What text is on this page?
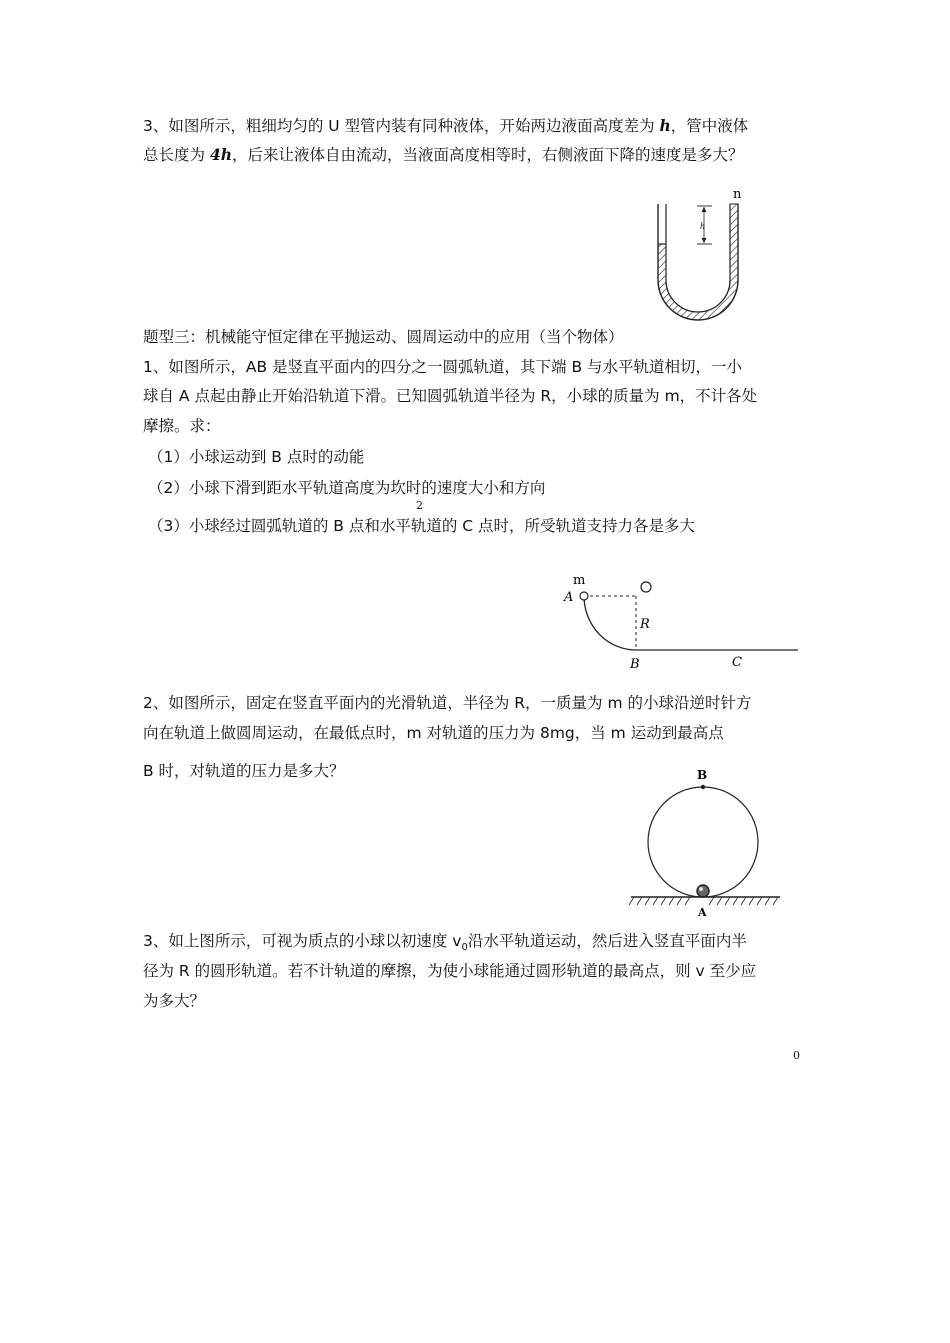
3、如图所示，粗细均匀的 U 型管内装有同种液体，开始两边液面高度差为 h，管中液体
总长度为 4h，后来让液体自由流动，当液面高度相等时，右侧液面下降的速度是多大？
h
n
题型三：机械能守恒定律在平抛运动、圆周运动中的应用（当个物体）
1、如图所示，AB 是竖直平面内的四分之一圆弧轨道，其下端 B 与水平轨道相切，一小
球自 A 点起由静止开始沿轨道下滑。已知圆弧轨道半径为 R，小球的质量为 m，不计各处
摩擦。求：
（1）小球运动到 B 点时的动能
（2）小球下滑到距水平轨道高度为坎时的速度大小和方向
2
（3）小球经过圆弧轨道的 B 点和水平轨道的 C 点时，所受轨道支持力各是多大
m
A	O
R
B	C
2、如图所示，固定在竖直平面内的光滑轨道，半径为 R，一质量为 m 的小球沿逆时针方
向在轨道上做圆周运动，在最低点时，m 对轨道的压力为 8mg，当 m 运动到最高点
B 时，对轨道的压力是多大？	B
A
3、如上图所示，可视为质点的小球以初速度 $v_0$沿水平轨道运动，然后进入竖直平面内半
径为 R 的圆形轨道。若不计轨道的摩擦，为使小球能通过圆形轨道的最高点，则 v 至少应
为多大？
0
